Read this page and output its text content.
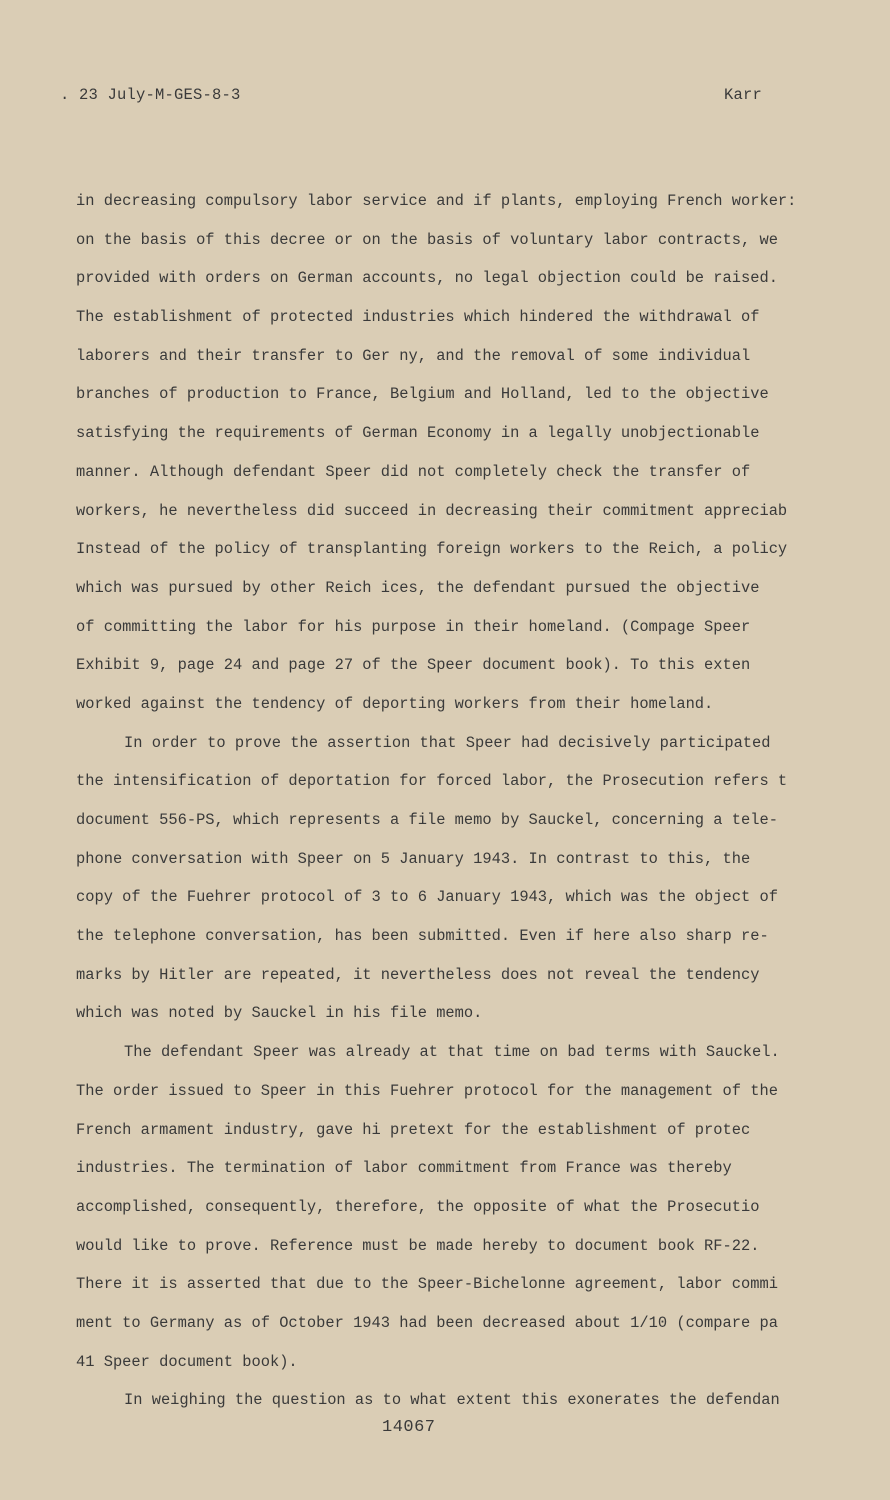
. 23 July-M-GES-8-3	Karr
in decreasing compulsory labor service and if plants, employing French worker:
on the basis of this decree or on the basis of voluntary labor contracts, we
provided with orders on German accounts, no legal objection could be raised.
The establishment of protected industries which hindered the withdrawal of
laborers and their transfer to Ger ny, and the removal of some individual
branches of production to France, Belgium and Holland, led to the objective
satisfying the requirements of German Economy in a legally unobjectionable
manner. Although defendant Speer did not completely check the transfer of
workers, he nevertheless did succeed in decreasing their commitment appreciab
Instead of the policy of transplanting foreign workers to the Reich, a policy
which was pursued by other Reich ices, the defendant pursued the objective
of committing the labor for his purpose in their homeland. (Compage Speer
Exhibit 9, page 24 and page 27 of the Speer document book). To this exten
worked against the tendency of deporting workers from their homeland.
In order to prove the assertion that Speer had decisively participated
the intensification of deportation for forced labor, the Prosecution refers t
document 556-PS, which represents a file memo by Sauckel, concerning a tele-
phone conversation with Speer on 5 January 1943. In contrast to this, the
copy of the Fuehrer protocol of 3 to 6 January 1943, which was the object of
the telephone conversation, has been submitted. Even if here also sharp re-
marks by Hitler are repeated, it nevertheless does not reveal the tendency
which was noted by Sauckel in his file memo.
The defendant Speer was already at that time on bad terms with Sauckel.
The order issued to Speer in this Fuehrer protocol for the management of the
French armament industry, gave hi pretext for the establishment of protec
industries. The termination of labor commitment from France was thereby
accomplished, consequently, therefore, the opposite of what the Prosecutio
would like to prove. Reference must be made hereby to document book RF-22.
There it is asserted that due to the Speer-Bichelonne agreement, labor commi
ment to Germany as of October 1943 had been decreased about 1/10 (compare pa
41 Speer document book).
In weighing the question as to what extent this exonerates the defendan
14067
